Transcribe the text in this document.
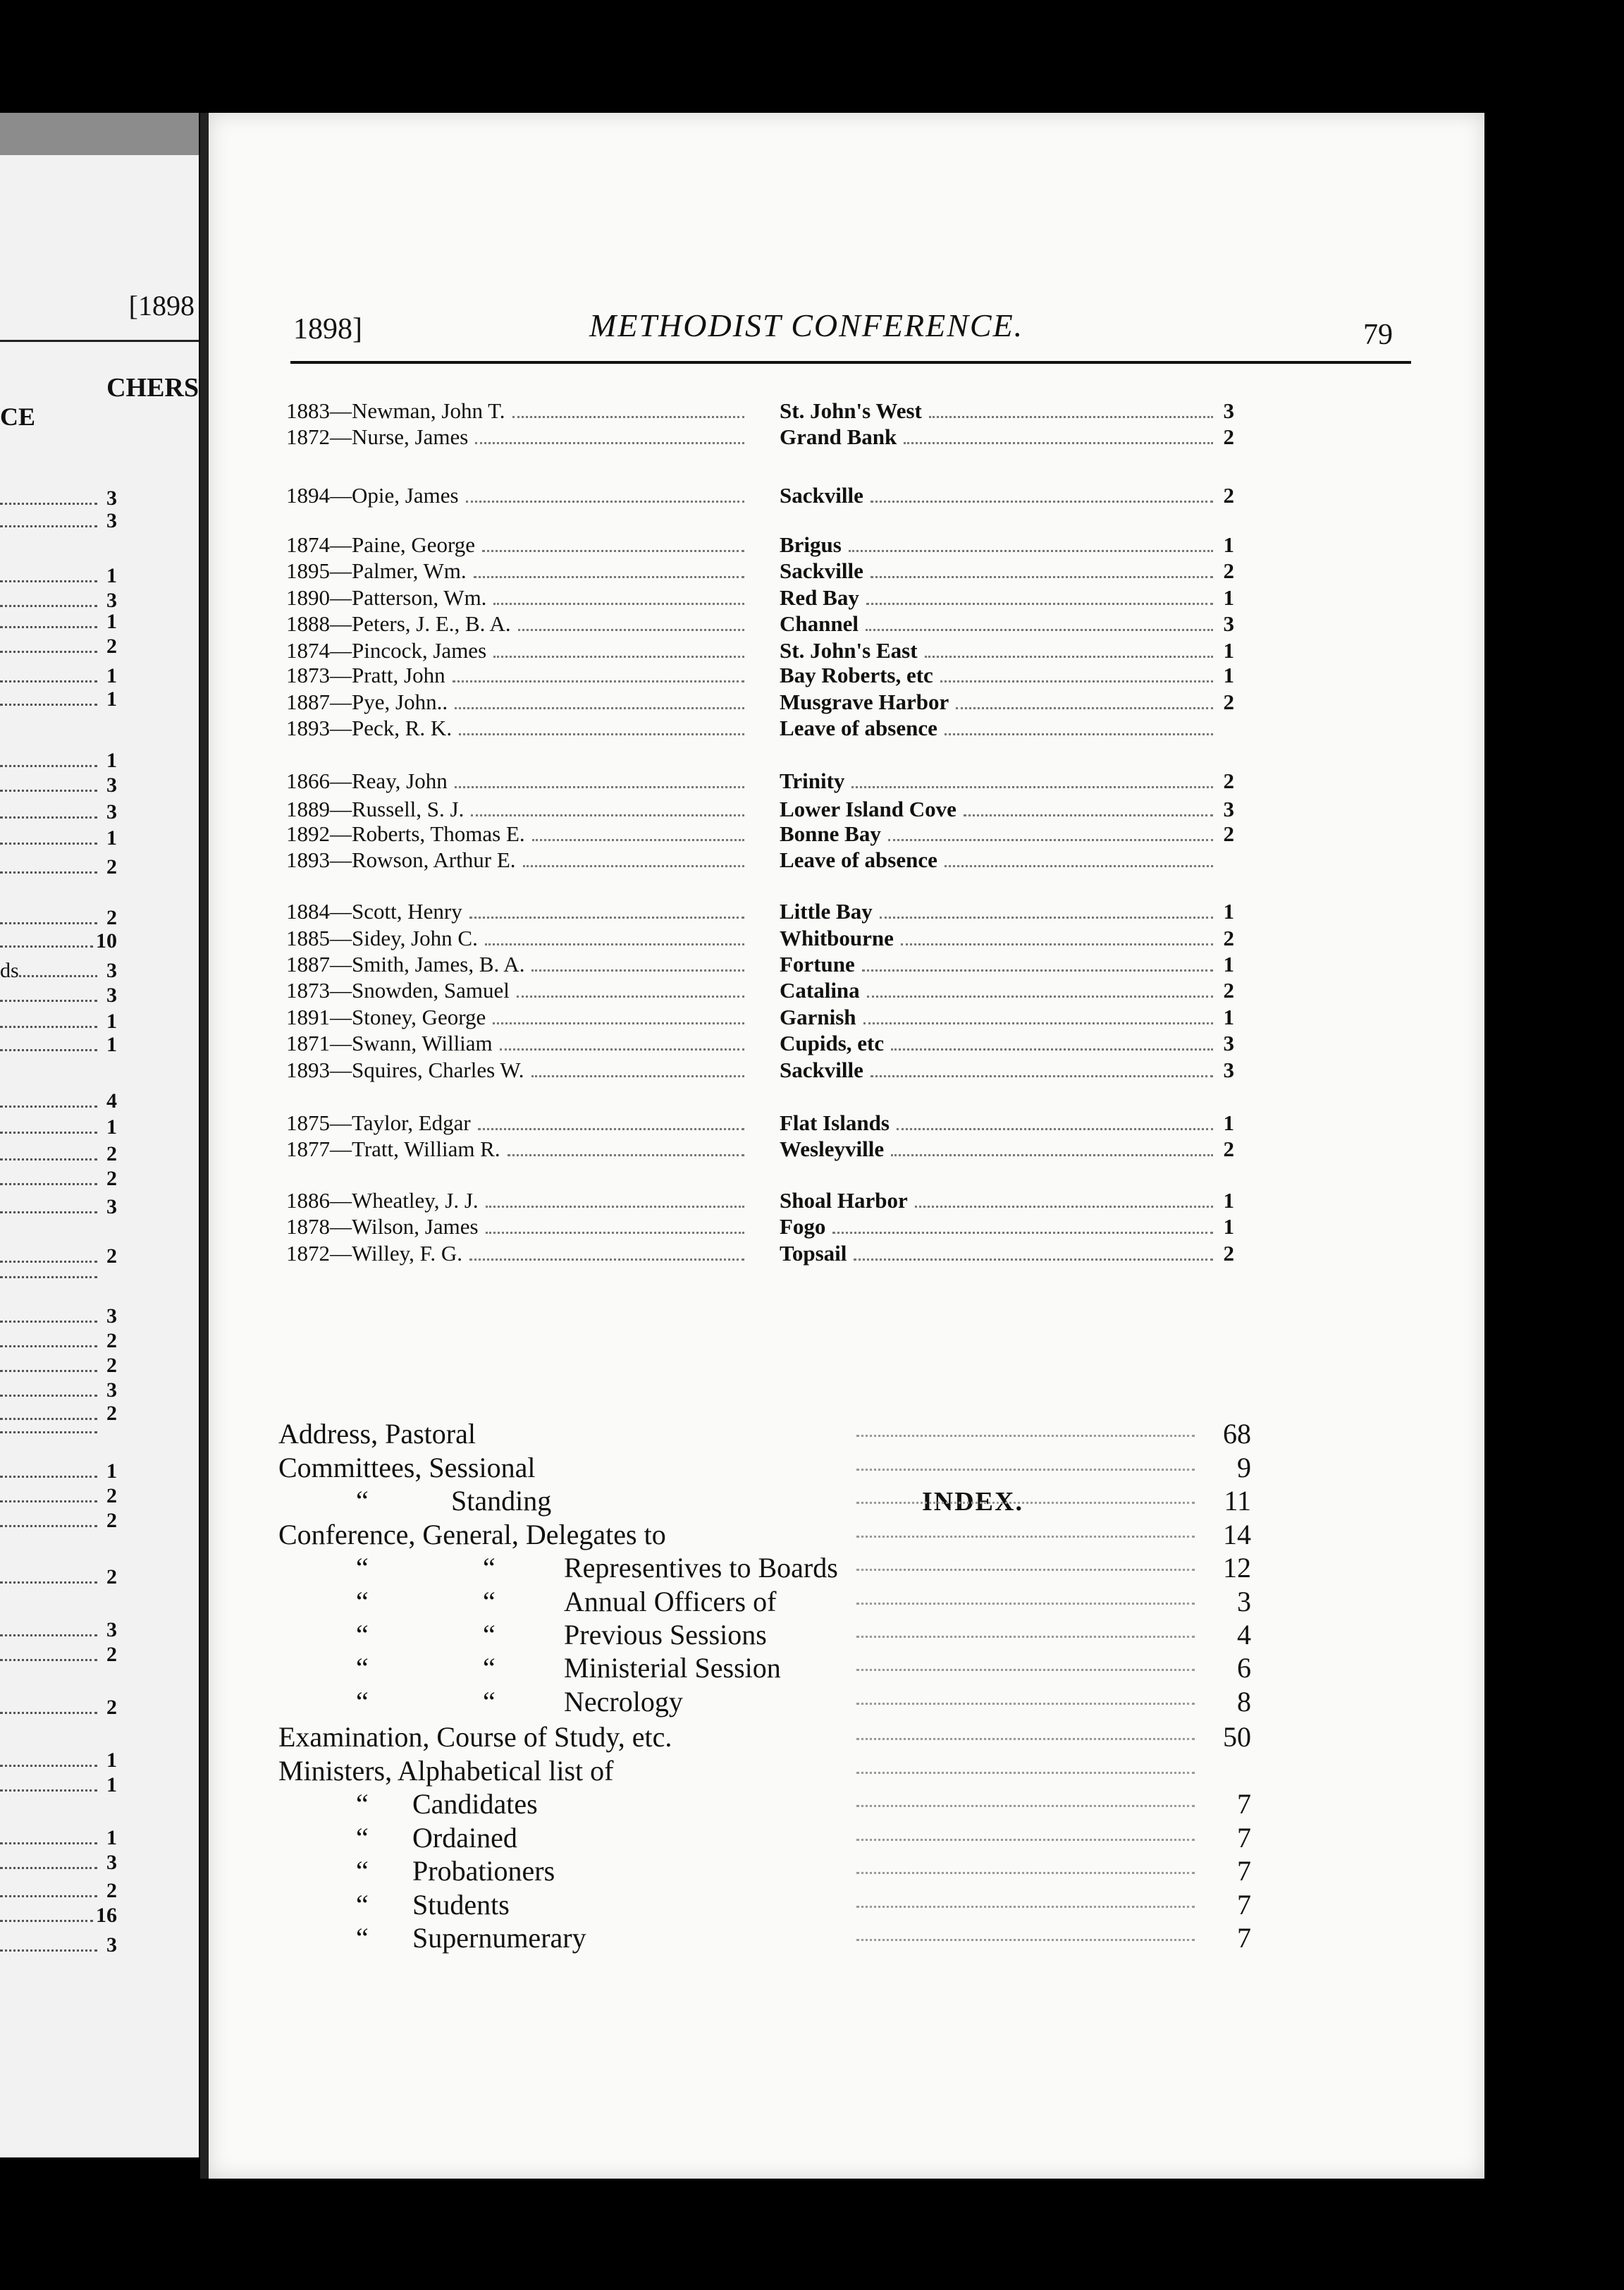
[1898
CHERS
CE
3
3
1
3
1
2
1
1
1
3
3
1
2
2
10
ds	3
3
1
1
4
1
2
2
3
2
3
2
2
3
2
1
2
2
2
3
2
2
1
1
1
3
2
16
3
1898]	METHODIST CONFERENCE.	79
1883—Newman, John T.	St. John's West	3
1872—Nurse, James	Grand Bank	2
1894—Opie, James	Sackville	2
1874—Paine, George	Brigus	1
1895—Palmer, Wm.	Sackville	2
1890—Patterson, Wm.	Red Bay	1
1888—Peters, J. E., B. A.	Channel	3
1874—Pincock, James	St. John's East	1
1873—Pratt, John	Bay Roberts, etc	1
1887—Pye, John..	Musgrave Harbor	2
1893—Peck, R. K.	Leave of absence
1866—Reay, John	Trinity	2
1889—Russell, S. J.	Lower Island Cove	3
1892—Roberts, Thomas E.	Bonne Bay	2
1893—Rowson, Arthur E.	Leave of absence
1884—Scott, Henry	Little Bay	1
1885—Sidey, John C.	Whitbourne	2
1887—Smith, James, B. A.	Fortune	1
1873—Snowden, Samuel	Catalina	2
1891—Stoney, George	Garnish	1
1871—Swann, William	Cupids, etc	3
1893—Squires, Charles W.	Sackville	3
1875—Taylor, Edgar	Flat Islands	1
1877—Tratt, William R.	Wesleyville	2
1886—Wheatley, J. J.	Shoal Harbor	1
1878—Wilson, James	Fogo	1
1872—Willey, F. G.	Topsail	2
INDEX.
Address, Pastoral	68
Committees, Sessional	9
“	Standing	11
Conference, General, Delegates to	14
“	“ Representives to Boards	12
“	“ Annual Officers of	3
“	“ Previous Sessions	4
“	“ Ministerial Session	6
“	“ Necrology	8
Examination, Course of Study, etc.	50
Ministers, Alphabetical list of
“ Candidates	7
“ Ordained	7
“ Probationers	7
“ Students	7
“ Supernumerary	7
